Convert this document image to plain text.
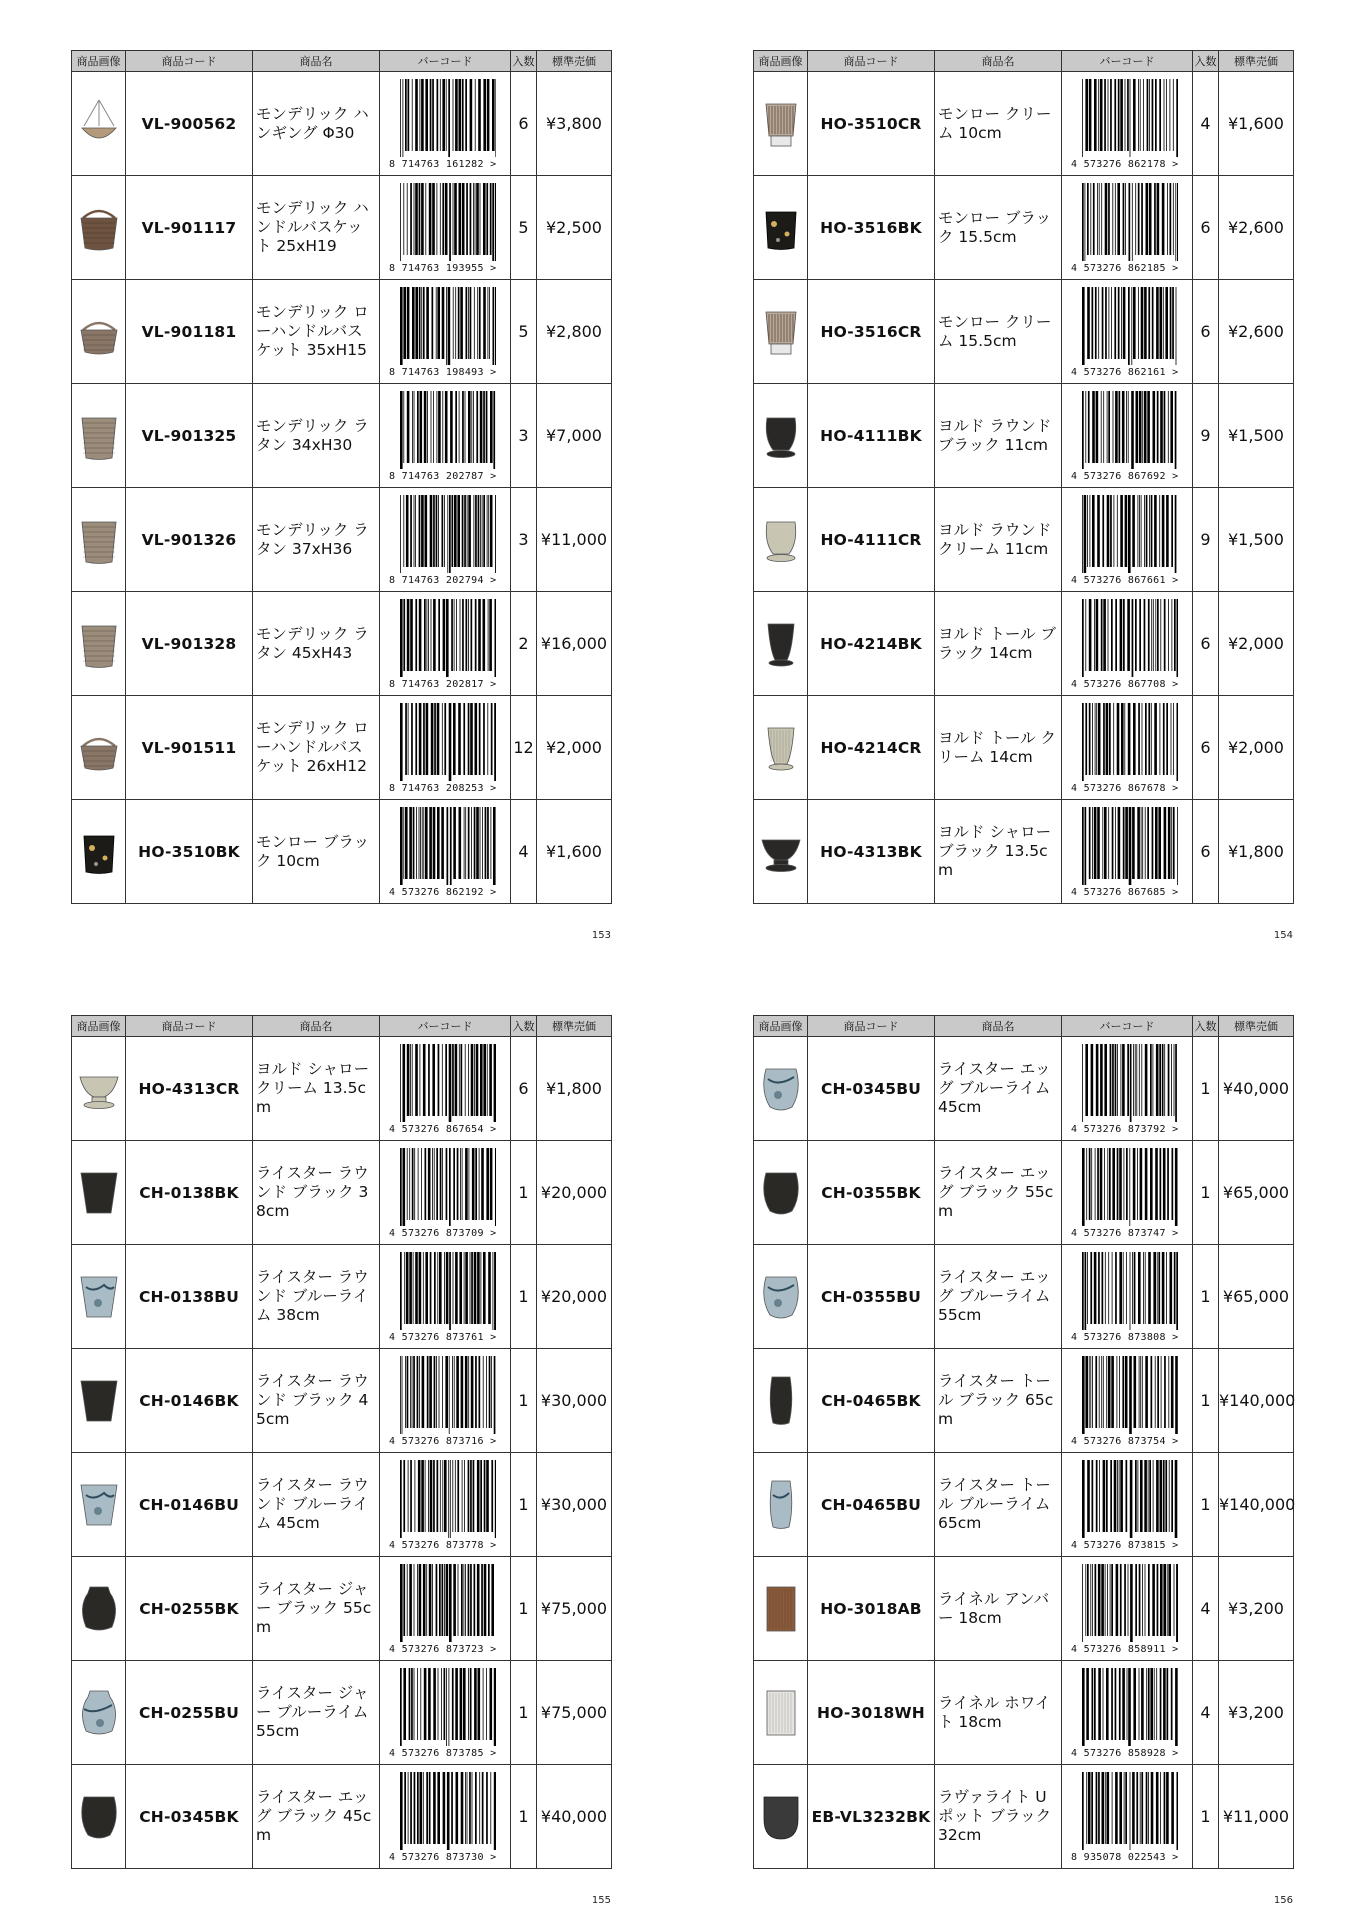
商品画像	商品コード	商品名	バーコード	入数	標準売価

	VL-900562	モンデリック ハンギング Φ30	8 714763 161282 >	6	¥3,800

	VL-901117	モンデリック ハンドルバスケット 25xH19	8 714763 193955 >	5	¥2,500

	VL-901181	モンデリック ローハンドルバスケット 35xH15	8 714763 198493 >	5	¥2,800

	VL-901325	モンデリック ラタン 34xH30	8 714763 202787 >	3	¥7,000

	VL-901326	モンデリック ラタン 37xH36	8 714763 202794 >	3	¥11,000

	VL-901328	モンデリック ラタン 45xH43	8 714763 202817 >	2	¥16,000

	VL-901511	モンデリック ローハンドルバスケット 26xH12	8 714763 208253 >	12	¥2,000

	HO-3510BK	モンロー ブラック 10cm	4 573276 862192 >	4	¥1,600
153
商品画像	商品コード	商品名	バーコード	入数	標準売価

	HO-3510CR	モンロー クリーム 10cm	4 573276 862178 >	4	¥1,600

	HO-3516BK	モンロー ブラック 15.5cm	4 573276 862185 >	6	¥2,600

	HO-3516CR	モンロー クリーム 15.5cm	4 573276 862161 >	6	¥2,600

	HO-4111BK	ヨルド ラウンド ブラック 11cm	4 573276 867692 >	9	¥1,500

	HO-4111CR	ヨルド ラウンド クリーム 11cm	4 573276 867661 >	9	¥1,500

	HO-4214BK	ヨルド トール ブラック 14cm	4 573276 867708 >	6	¥2,000

	HO-4214CR	ヨルド トール クリーム 14cm	4 573276 867678 >	6	¥2,000

	HO-4313BK	ヨルド シャロー ブラック 13.5cm	4 573276 867685 >	6	¥1,800
154
商品画像	商品コード	商品名	バーコード	入数	標準売価

	HO-4313CR	ヨルド シャロー クリーム 13.5cm	4 573276 867654 >	6	¥1,800

	CH-0138BK	ライスター ラウンド ブラック 38cm	4 573276 873709 >	1	¥20,000

	CH-0138BU	ライスター ラウンド ブルーライム 38cm	4 573276 873761 >	1	¥20,000

	CH-0146BK	ライスター ラウンド ブラック 45cm	4 573276 873716 >	1	¥30,000

	CH-0146BU	ライスター ラウンド ブルーライム 45cm	4 573276 873778 >	1	¥30,000

	CH-0255BK	ライスター ジャー ブラック 55cm	4 573276 873723 >	1	¥75,000

	CH-0255BU	ライスター ジャー ブルーライム 55cm	4 573276 873785 >	1	¥75,000

	CH-0345BK	ライスター エッグ ブラック 45cm	4 573276 873730 >	1	¥40,000
155
商品画像	商品コード	商品名	バーコード	入数	標準売価

	CH-0345BU	ライスター エッグ ブルーライム 45cm	4 573276 873792 >	1	¥40,000

	CH-0355BK	ライスター エッグ ブラック 55cm	4 573276 873747 >	1	¥65,000

	CH-0355BU	ライスター エッグ ブルーライム 55cm	4 573276 873808 >	1	¥65,000

	CH-0465BK	ライスター トール ブラック 65cm	4 573276 873754 >	1	¥140,000

	CH-0465BU	ライスター トール ブルーライム 65cm	4 573276 873815 >	1	¥140,000

	HO-3018AB	ライネル アンバー 18cm	4 573276 858911 >	4	¥3,200

	HO-3018WH	ライネル ホワイト 18cm	4 573276 858928 >	4	¥3,200

	EB-VL3232BK	ラヴァライト U ポット ブラック 32cm	8 935078 022543 >	1	¥11,000
156
